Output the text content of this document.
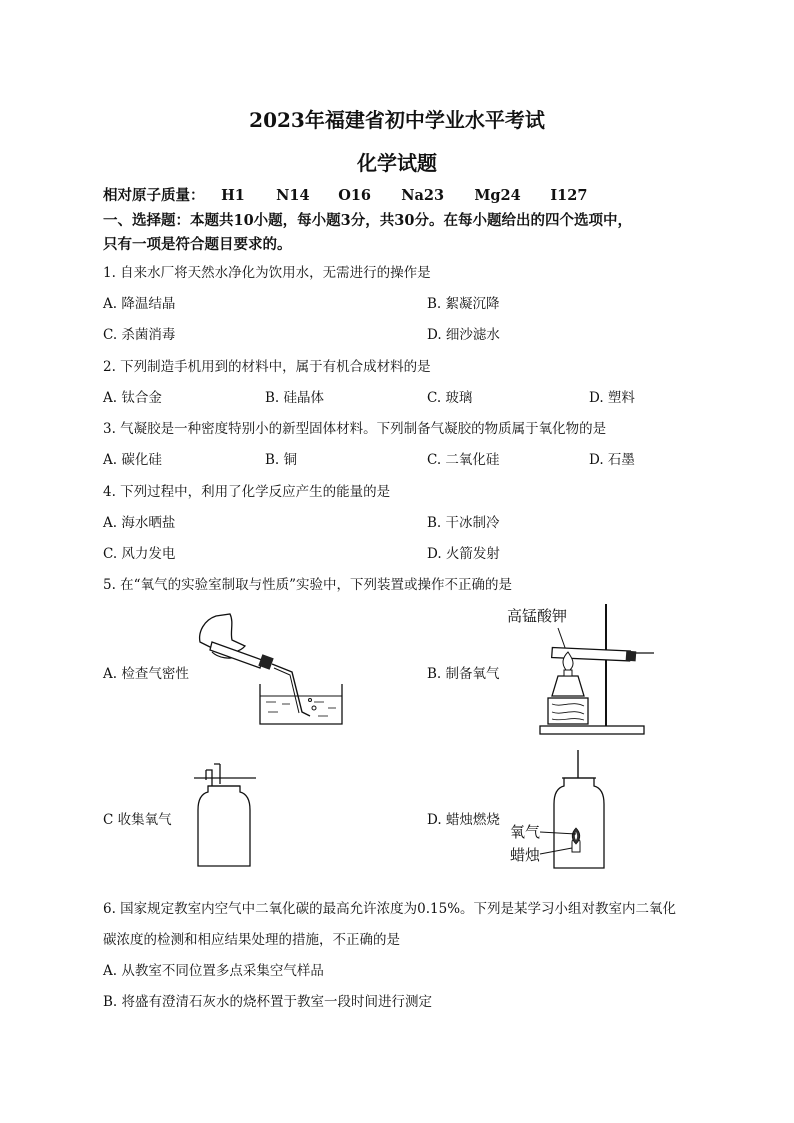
2023年福建省初中学业水平考试
化学试题
相对原子质量： H1 N14 O16 Na23 Mg24 I127
一、选择题：本题共10小题，每小题3分，共30分。在每小题给出的四个选项中，
只有一项是符合题目要求的。
1. 自来水厂将天然水净化为饮用水，无需进行的操作是
A. 降温结晶	B. 絮凝沉降
C. 杀菌消毒	D. 细沙滤水
2. 下列制造手机用到的材料中，属于有机合成材料的是
A. 钛合金	B. 硅晶体	C. 玻璃	D. 塑料
3. 气凝胶是一种密度特别小的新型固体材料。下列制备气凝胶的物质属于氧化物的是
A. 碳化硅	B. 铜	C. 二氧化硅	D. 石墨
4. 下列过程中，利用了化学反应产生的能量的是
A. 海水晒盐	B. 干冰制冷
C. 风力发电	D. 火箭发射
5. 在“氧气的实验室制取与性质”实验中，下列装置或操作不正确的是
A. 检查气密性	B. 制备氧气
C 收集氧气	D. 蜡烛燃烧
高锰酸钾
氧气
蜡烛
6. 国家规定教室内空气中二氧化碳的最高允许浓度为0.15%。下列是某学习小组对教室内二氧化
碳浓度的检测和相应结果处理的措施，不正确的是
A. 从教室不同位置多点采集空气样品
B. 将盛有澄清石灰水的烧杯置于教室一段时间进行测定
